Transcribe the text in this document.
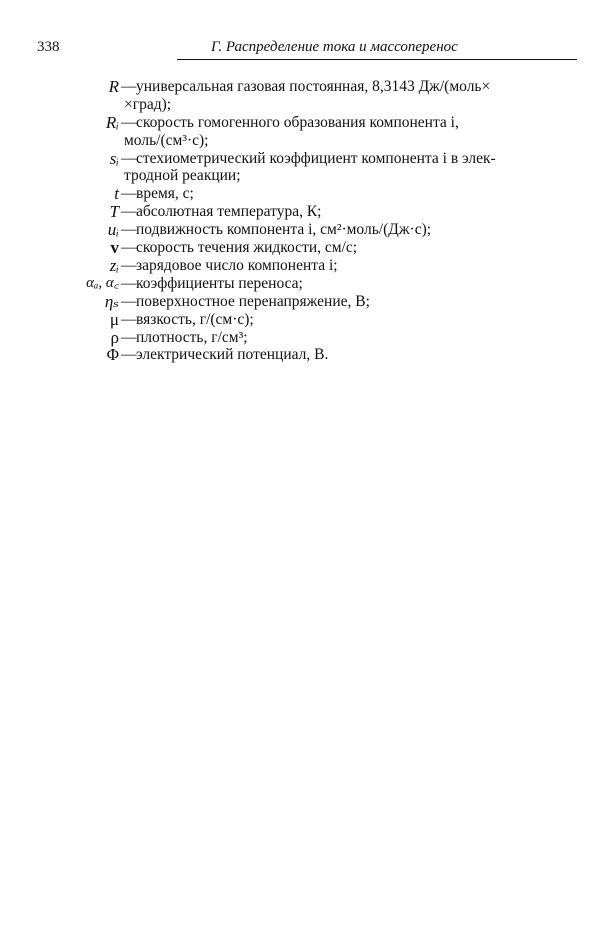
338	Г. Распределение тока и массоперенос
R — универсальная газовая постоянная, 8,3143 Дж/(моль×
×град);
Rᵢ — скорость гомогенного образования компонента i,
моль/(см³·с);
sᵢ — стехиометрический коэффициент компонента i в элек-
тродной реакции;
t — время, с;
T — абсолютная температура, К;
uᵢ — подвижность компонента i, см²·моль/(Дж·с);
v — скорость течения жидкости, см/с;
zᵢ — зарядовое число компонента i;
αₐ, α꜀ — коэффициенты переноса;
ηₛ — поверхностное перенапряжение, В;
μ — вязкость, г/(см·с);
ρ — плотность, г/см³;
Φ — электрический потенциал, В.
